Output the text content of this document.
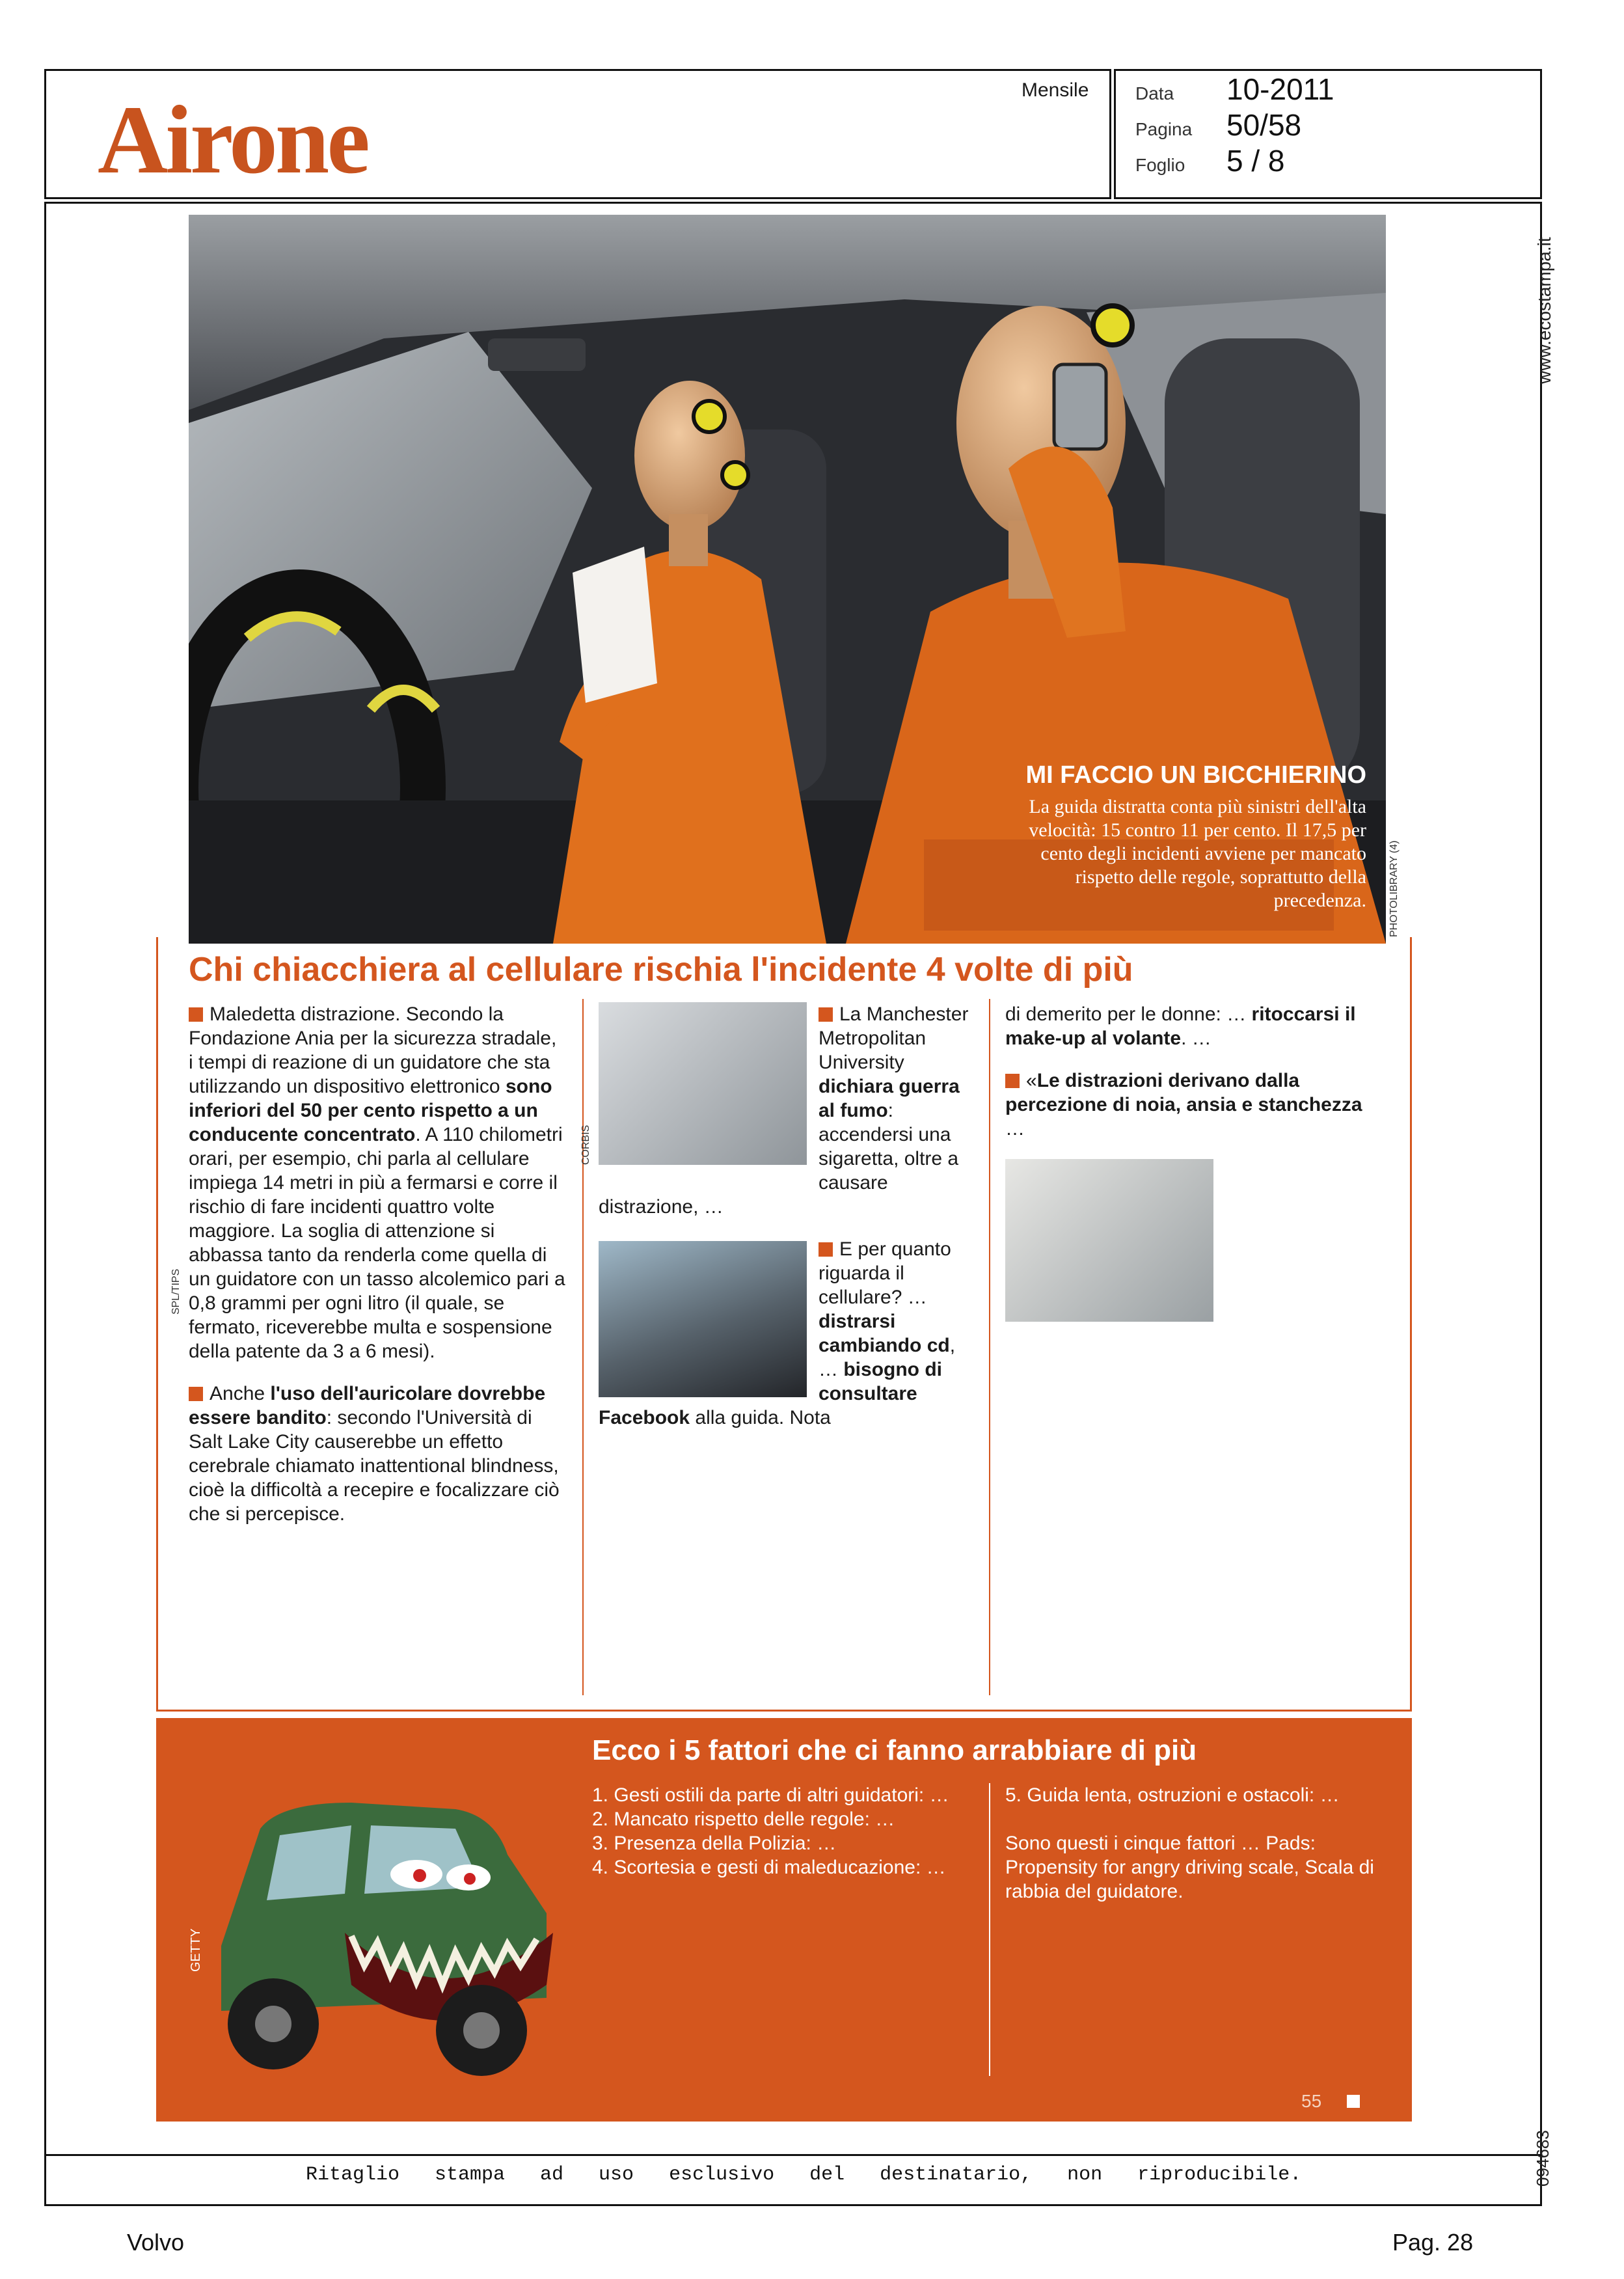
Airone	Mensile	Data 10-2011
Pagina 50/58
Foglio 5 / 8
www.ecostampa.it
094683
MI FACCIO UN BICCHIERINO
La guida distratta conta più sinistri dell'alta velocità: 15 contro 11 per cento. Il 17,5 per cento degli incidenti avviene per mancato rispetto delle regole, soprattutto della precedenza. PHOTOLIBRARY (4)
Chi chiacchiera al cellulare rischia l'incidente 4 volte di più

Maledetta distrazione. Secondo la Fondazione Ania per la sicurezza stradale, i tempi di reazione di un guidatore che sta utilizzando un dispositivo elettronico sono inferiori del 50 per cento rispetto a un conducente concentrato. A 110 chilometri orari, per esempio, chi parla al cellulare impiega 14 metri in più a fermarsi e corre il rischio di fare incidenti quattro volte maggiore. La soglia di attenzione si abbassa tanto da renderla come quella di un guidatore con un tasso alcolemico pari a 0,8 grammi per ogni litro (il quale, se fermato, riceverebbe multa e sospensione della patente da 3 a 6 mesi).

Anche l'uso dell'auricolare dovrebbe essere bandito: secondo l'Università di Salt Lake City causerebbe un effetto cerebrale chiamato inattentional blindness, cioè la difficoltà a recepire e focalizzare ciò che si percepisce.

La Manchester Metropolitan University dichiara guerra al fumo: accendersi una sigaretta, oltre a causare distrazione, …

E per quanto riguarda il cellulare? … distrarsi cambiando cd, … bisogno di consultare Facebook alla guida. Nota

di demerito per le donne: … ritoccarsi il make-up al volante. …

«Le distrazioni derivano dalla percezione di noia, ansia e stanchezza …

SPL/TIPS
CORBIS
GETTY
Ecco i 5 fattori che ci fanno arrabbiare di più

1. Gesti ostili da parte di altri guidatori: …

2. Mancato rispetto delle regole: …

3. Presenza della Polizia: …

4. Scortesia e gesti di maleducazione: …

5. Guida lenta, ostruzioni e ostacoli: …

Sono questi i cinque fattori … Pads: Propensity for angry driving scale, Scala di rabbia del guidatore.

55
Ritaglio stampa ad uso esclusivo del destinatario, non riproducibile.
Volvo	Pag. 28
